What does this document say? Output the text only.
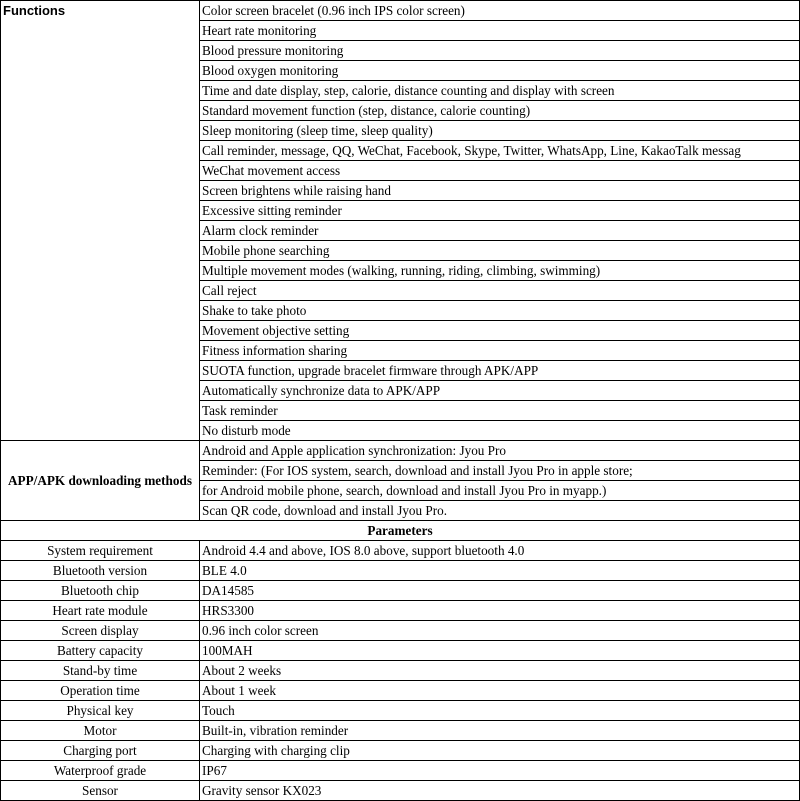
Functions	Color screen bracelet (0.96 inch IPS color screen)
	Heart rate monitoring
	Blood pressure monitoring
	Blood oxygen monitoring
	Time and date display, step, calorie, distance counting and display with screen
	Standard movement function (step, distance, calorie counting)
	Sleep monitoring (sleep time, sleep quality)
	Call reminder, message, QQ, WeChat, Facebook, Skype, Twitter, WhatsApp, Line, KakaoTalk messag
	WeChat movement access
	Screen brightens while raising hand
	Excessive sitting reminder
	Alarm clock reminder
	Mobile phone searching
	Multiple movement modes (walking, running, riding, climbing, swimming)
	Call reject
	Shake to take photo
	Movement objective setting
	Fitness information sharing
	SUOTA function, upgrade bracelet firmware through APK/APP
	Automatically synchronize data to APK/APP
	Task reminder
	No disturb mode
APP/APK downloading methods	Android and Apple application synchronization: Jyou Pro
	Reminder: (For IOS system, search, download and install Jyou Pro in apple store;
	for Android mobile phone, search, download and install Jyou Pro in myapp.)
	Scan QR code, download and install Jyou Pro.
Parameters	
System requirement	Android 4.4 and above, IOS 8.0 above, support bluetooth 4.0
Bluetooth version	BLE 4.0
Bluetooth chip	DA14585
Heart rate module	HRS3300
Screen display	0.96 inch color screen
Battery capacity	100MAH
Stand-by time	About 2 weeks
Operation time	About 1 week
Physical key	Touch
Motor	Built-in, vibration reminder
Charging port	Charging with charging clip
Waterproof grade	IP67
Sensor	Gravity sensor KX023
